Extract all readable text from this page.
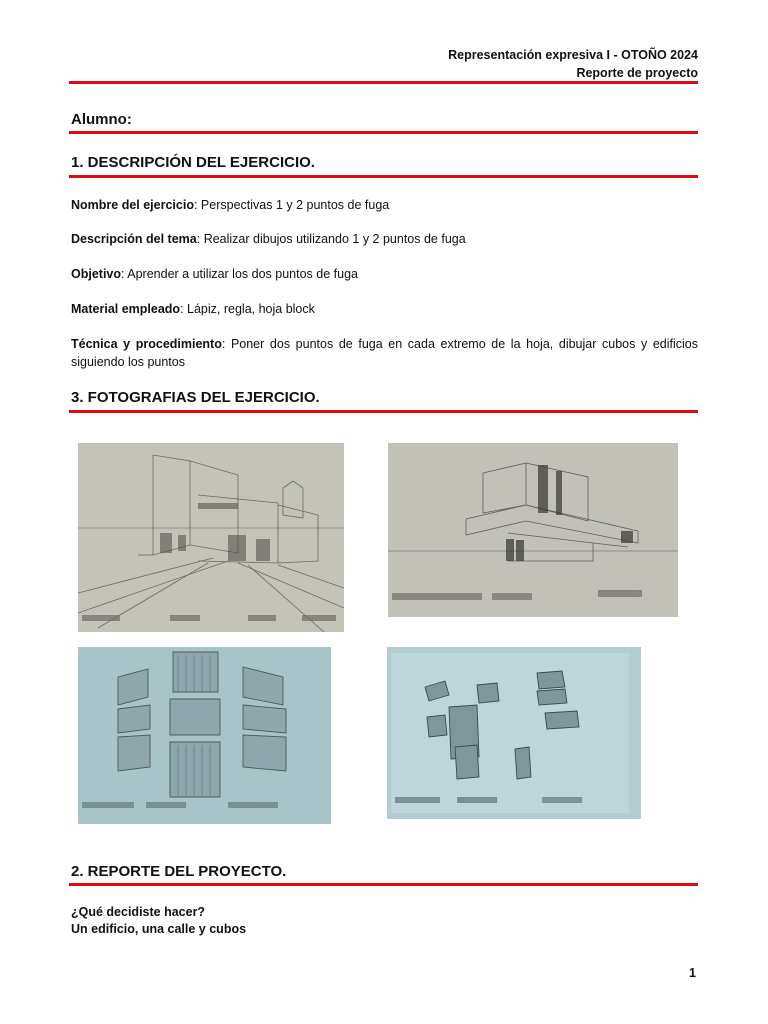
Representación expresiva I - OTOÑO 2024
Reporte de proyecto
Alumno:
1. DESCRIPCIÓN DEL EJERCICIO.
Nombre del ejercicio: Perspectivas 1 y 2 puntos de fuga
Descripción del tema: Realizar dibujos utilizando 1 y 2 puntos de fuga
Objetivo: Aprender a utilizar los dos puntos de fuga
Material empleado: Lápiz, regla, hoja block
Técnica y procedimiento: Poner dos puntos de fuga en cada extremo de la hoja, dibujar cubos y edificios siguiendo los puntos
3. FOTOGRAFIAS DEL EJERCICIO.
2. REPORTE DEL PROYECTO.
¿Qué decidiste hacer?
Un edificio, una calle y cubos
1
